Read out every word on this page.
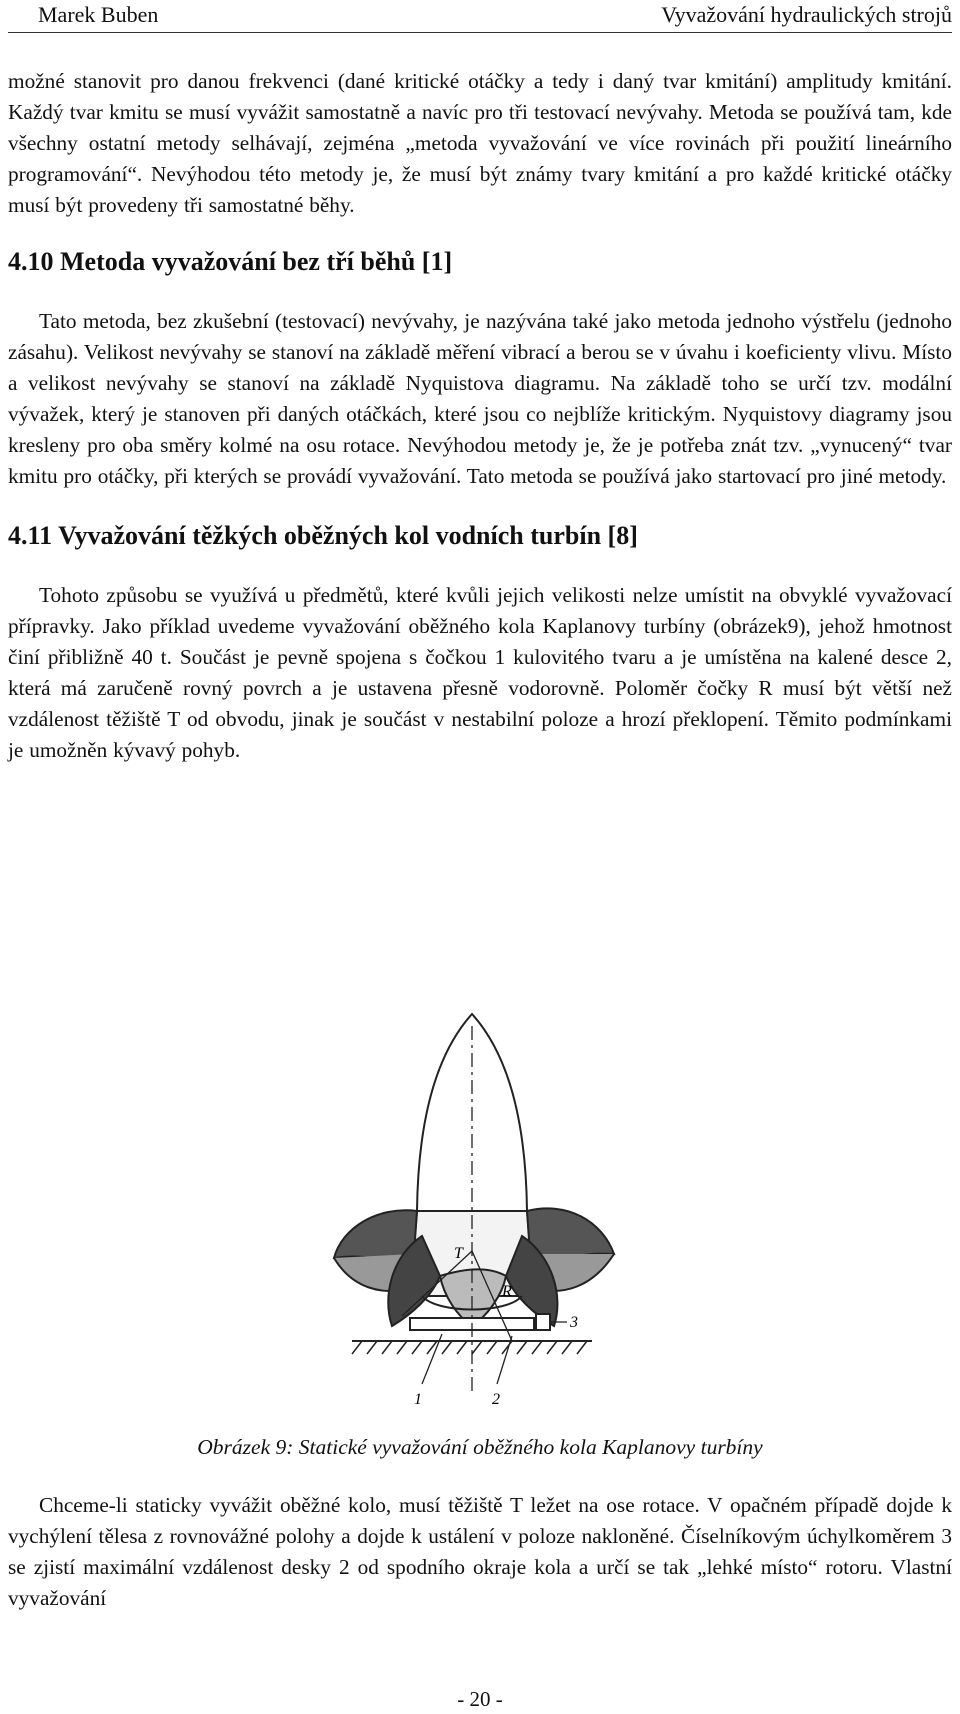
Marek Buben	Vyvažování hydraulických strojů

možné stanovit pro danou frekvenci (dané kritické otáčky a tedy i daný tvar kmitání) amplitudy kmitání. Každý tvar kmitu se musí vyvážit samostatně a navíc pro tři testovací nevývahy. Metoda se používá tam, kde všechny ostatní metody selhávají, zejména „metoda vyvažování ve více rovinách při použití lineárního programování“. Nevýhodou této metody je, že musí být známy tvary kmitání a pro každé kritické otáčky musí být provedeny tři samostatné běhy.

4.10 Metoda vyvažování bez tří běhů [1]

Tato metoda, bez zkušební (testovací) nevývahy, je nazývána také jako metoda jednoho výstřelu (jednoho zásahu). Velikost nevývahy se stanoví na základě měření vibrací a berou se v úvahu i koeficienty vlivu. Místo a velikost nevývahy se stanoví na základě Nyquistova diagramu. Na základě toho se určí tzv. modální vývažek, který je stanoven při daných otáčkách, které jsou co nejblíže kritickým. Nyquistovy diagramy jsou kresleny pro oba směry kolmé na osu rotace. Nevýhodou metody je, že je potřeba znát tzv. „vynucený“ tvar kmitu pro otáčky, při kterých se provádí vyvažování. Tato metoda se používá jako startovací pro jiné metody.

4.11 Vyvažování těžkých oběžných kol vodních turbín [8]

Tohoto způsobu se využívá u předmětů, které kvůli jejich velikosti nelze umístit na obvyklé vyvažovací přípravky. Jako příklad uvedeme vyvažování oběžného kola Kaplanovy turbíny (obrázek9), jehož hmotnost činí přibližně 40 t. Součást je pevně spojena s čočkou 1 kulovitého tvaru a je umístěna na kalené desce 2, která má zaručeně rovný povrch a je ustavena přesně vodorovně. Poloměr čočky R musí být větší než vzdálenost těžiště T od obvodu, jinak je součást v nestabilní poloze a hrozí překlopení. Těmito podmínkami je umožněn kývavý pohyb.

T
R
1	2
3
Obrázek 9: Statické vyvažování oběžného kola Kaplanovy turbíny

Chceme-li staticky vyvážit oběžné kolo, musí těžiště T ležet na ose rotace. V opačném případě dojde k vychýlení tělesa z rovnovážné polohy a dojde k ustálení v poloze nakloněné. Číselníkovým úchylkoměrem 3 se zjistí maximální vzdálenost desky 2 od spodního okraje kola a určí se tak „lehké místo“ rotoru. Vlastní vyvažování

- 20 -
